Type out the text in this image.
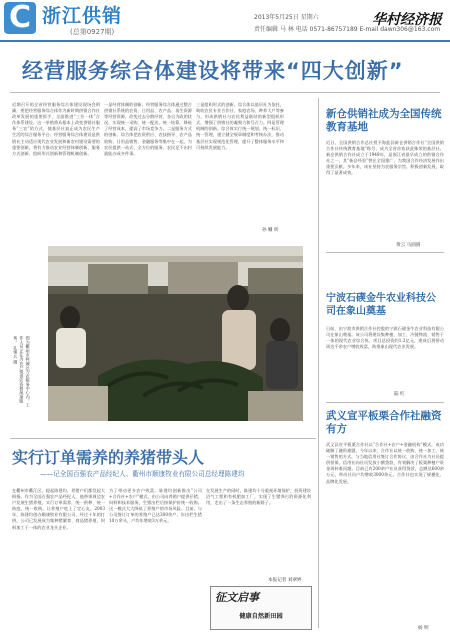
C 浙江供销
(总第0927期)
2013年5月25日 星期六
责任编辑 马 林 电话 0571-86757189 E-mail dawn306@163.com
华村经济报
经营服务综合体建设将带来“四大创新”
近期召开的全省经营服务综合体建设现场会明确，要把经营服务综合体作为新时期供销合作社改革发展的重要抓手，全面推进“三位一体”合作体系建设。这一举措将从根本上改变供销社服务“三农”的方式，使基层社真正成为农民生产生活的综合服务平台。经营服务综合体建设是供销社主动适应现代农业发展和新农村建设需要的重要创新，将有力推动农业经营体制创新、服务方式创新、组织形式创新和管理机制创新。
一是经营体制的创新。经营服务综合体通过整合供销社系统的农资、日用品、农产品、再生资源等经营资源，改变过去分散经营、各自为政的状况，实现统一采购、统一配送、统一结算，降低了经营成本，提高了市场竞争力。二是服务方式的创新。综合体把农资供应、农技指导、农产品收购、日用品销售、金融服务等集中在一起，为农民提供一站式、全方位的服务，农民足不出村就能办成多件事。
三是组织形式的创新。综合体以基层社为依托，吸收农民专业合作社、家庭农场、种养大户等参与，形成供销社与农民利益联结的新型组织形式，增强了供销社的凝聚力和号召力。四是管理机制的创新。综合体实行统一规划、统一标识、统一管理，建立健全规章制度和考核办法，推动基层社实现规范化管理，提升了整体服务水平和可持续发展能力。
孙 姗 昕
图为衢州市柯城区为农服务中心内，工作人员正在为农户提供农资和蔬菜服务。 孔建兵 摄
新仓供销社成为全国传统教育基地
近日，全国供销合作总社授予海盐县新仓供销合作社“全国供销合作社传统教育基地”称号，成为全省首家获此殊荣的基层社。新仓供销合作社成立于1949年，是浙江省最早成立的供销合作社之一，其“新仓经验”曾在全国推广，为我国合作经济发展作出重要贡献。多年来，该社坚持为农服务宗旨，积极创新发展，取得了显著成效。
黄云 马圆圆
宁波石碶金牛农业科技公司在象山奠基
日前，由宁波市供销合作社控股的宁波石碶金牛农业科技有限公司在象山奠基。该公司将建设集种植、加工、冷链物流、销售于一体的现代农业综合体，项目总投资约1.2亿元，建成后将带动周边千余农户增收致富，助推象山现代农业发展。
陆 红
武义宣平板栗合作社融资有方
武义县宣平板栗合作社以“合作社+农户+金融机构”模式，成功破解了融资难题。今年以来，合作社以统一收购、统一加工、统一销售的方式，与当地信用社签订合作协议，由合作社为社员提供担保，信用社向社员发放小额贷款，有效解决了板栗种植户资金周转难问题。目前已有200余户社员获得贷款，总额达600余万元，带动社员户均增收3000余元，合作社也实现了规模化、品牌化发展。
杨 明
实行订单需养的养猪带头人
——记全国百强农产品经纪人、衢州市顺康牧业有限公司总经理陈建均
在衢州市衢江区，提起陈建均，养猪户们都竖起大拇指。作为全国百强农产品经纪人，他带领周边农户发展生猪养殖，实行订单需养，统一供种、统一防疫、统一收购，让养殖户吃上了定心丸。2003年，陈建均创办顺康牧业有限公司，经过十年的打拼，公司已发展成为集种猪繁育、商品猪养殖、饲料加工于一体的农业龙头企业。
为了带动更多农户致富，陈建均创新推出“公司+合作社+农户”模式，由公司向养殖户提供仔猪、饲料和技术服务，生猪出栏后按保护价统一收购。这一模式大大降低了养殖户的市场风险。目前，与公司签订订单的养殖户已达300余户，年出栏生猪10万余头，户均年增收3万余元。
在发展生产的同时，陈建均十分重视环境保护，投资建设沼气工程和有机肥加工厂，实现了生猪粪污的资源化利用，走出了一条生态养殖的新路子。
本报记者 刘翠婷
征文启事
健康自然新田园
